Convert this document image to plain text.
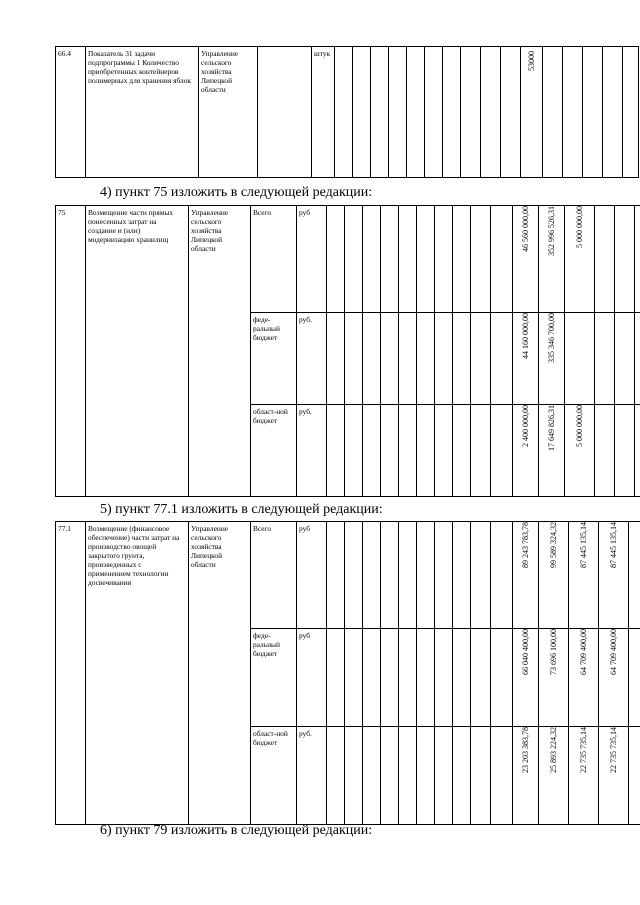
66.4	Показатель 31 задачи подпрограммы 1 Количество приобретенных контейнеров полимерных для хранения яблок	Управление сельского хозяйства Липецкой области		штук											53000

4) пункт 75 изложить в следующей редакции:
75	Возмещение части прямых понесенных затрат на создание и (или) модернизацию хранилищ	Управление сельского хозяйства Липецкой области	Всего	руб											46 560 000,00	352 996 526,31	5 000 000,00			

			феде-ральный бюджет	руб.											44 160 000,00	335 346 700,00				

			област-ной бюджет	руб.											2 400 000,00	17 649 826,31	5 000 000,00			

5) пункт 77.1 изложить в следующей редакции:
77.1	Возмещение (финансовое обеспечение) части затрат на производство овощей закрытого грунта, произведенных с применением технологии досвечивания	Управление сельского хозяйства Липецкой области	Всего	руб											89 243 783,78	99 589 324,32	87 445 135,14	87 445 135,14		

			феде-ральный бюджет	руб											66 040 400,00	73 696 100,00	64 709 400,00	64 709 400,00		

			област-ной бюджет	руб.											23 203 383,78	25 893 224,32	22 735 735,14	22 735 735,14		

6) пункт 79 изложить в следующей редакции:
